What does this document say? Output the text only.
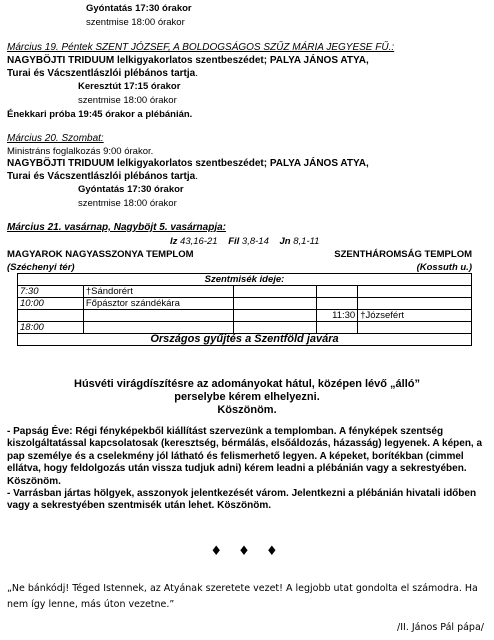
Gyóntatás 17:30 órakor
szentmise 18:00 órakor
Március 19. Péntek SZENT JÓZSEF, A BOLDOGSÁGOS SZŰZ MÁRIA JEGYESE FŰ.:
NAGYBÖJTI TRIDUUM lelkigyakorlatos szentbeszédet; PALYA JÁNOS ATYA,
Turai és Vácszentlászlói plébános tartja.
Keresztút 17:15 órakor
szentmise 18:00 órakor
Énekkari próba 19:45 órakor a plébánián.
Március 20. Szombat:
Ministráns foglalkozás 9:00 órakor.
NAGYBÖJTI TRIDUUM lelkigyakorlatos szentbeszédet; PALYA JÁNOS ATYA,
Turai és Vácszentlászlói plébános tartja.
Gyóntatás 17:30 órakor
szentmise 18:00 órakor
Március 21. vasárnap, Nagyböjt 5. vasárnapja:
Iz 43,16-21 Fil 3,8-14 Jn 8,1-11
MAGYAROK NAGYASSZONYA TEMPLOM	SZENTHÁROMSÁG TEMPLOM
(Széchenyi tér)	(Kossuth u.)
Szentmisék ideje:				
7:30	†Sándorért			
10:00	Főpásztor szándékára			
			11:30	†Józsefért
18:00				
Országos gyűjtés a Szentföld javára				
Húsvéti virágdíszítésre az adományokat hátul, középen lévő „álló”
perselybe kérem elhelyezni.
Köszönöm.
- Papság Éve: Régi fényképekből kiállítást szervezünk a templomban. A fényképek szentség kiszolgáltatással kapcsolatosak (keresztség, bérmálás, elsőáldozás, házasság) legyenek. A képen, a pap személye és a cselekmény jól látható és felismerhető legyen. A képeket, borítékban (cimmel ellátva, hogy feldolgozás után vissza tudjuk adni) kérem leadni a plébánián vagy a sekrestyében. Köszönöm.
- Varrásban jártas hölgyek, asszonyok jelentkezését várom. Jelentkezni a plébánián hivatali időben vagy a sekrestyében szentmisék után lehet. Köszönöm.
♦ ♦ ♦
„Ne bánkódj! Téged Istennek, az Atyának szeretete vezet! A legjobb utat gondolta el számodra. Ha nem így lenne, más úton vezetne.”
/II. János Pál pápa/
